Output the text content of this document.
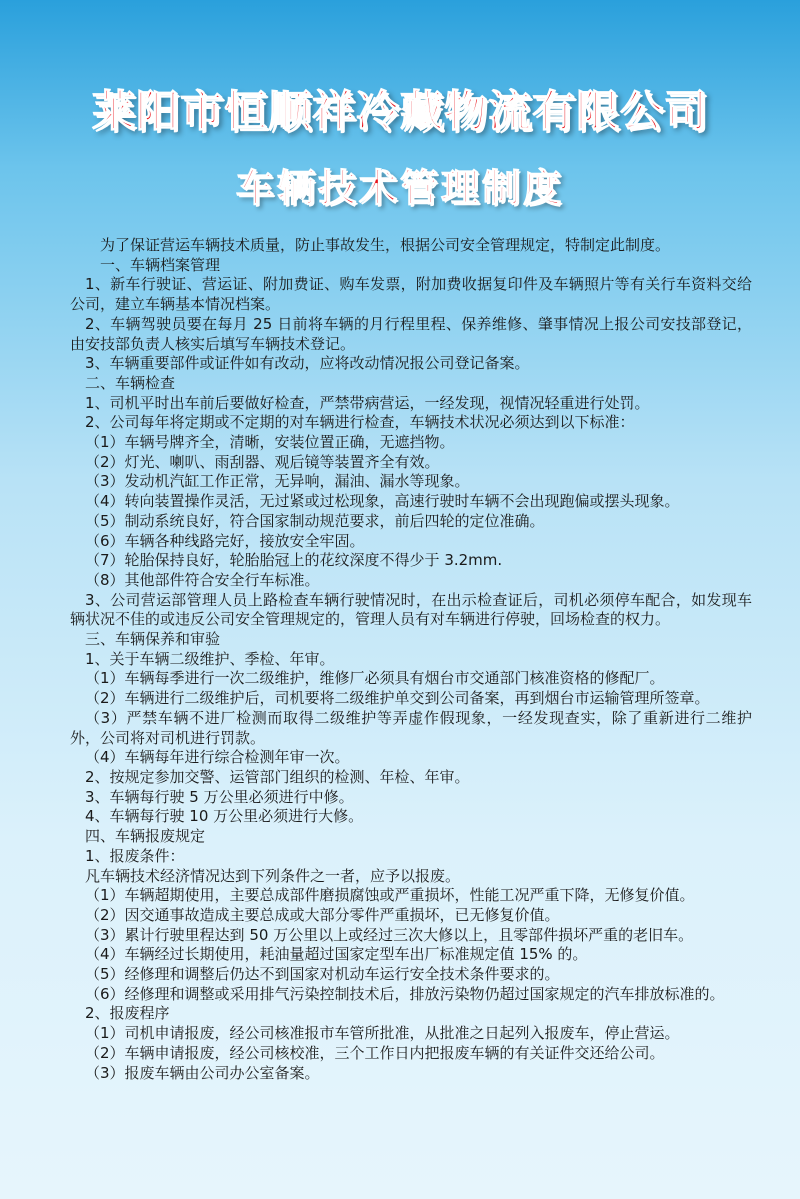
莱阳市恒顺祥冷藏物流有限公司
车辆技术管理制度

为了保证营运车辆技术质量，防止事故发生，根据公司安全管理规定，特制定此制度。

一、车辆档案管理

1、新车行驶证、营运证、附加费证、购车发票，附加费收据复印件及车辆照片等有关行车资料交给公司，建立车辆基本情况档案。

2、车辆驾驶员要在每月 25 日前将车辆的月行程里程、保养维修、肇事情况上报公司安技部登记，由安技部负责人核实后填写车辆技术登记。

3、车辆重要部件或证件如有改动，应将改动情况报公司登记备案。

二、车辆检查

1、司机平时出车前后要做好检查，严禁带病营运，一经发现，视情况轻重进行处罚。

2、公司每年将定期或不定期的对车辆进行检查，车辆技术状况必须达到以下标准：

（1）车辆号牌齐全，清晰，安装位置正确，无遮挡物。

（2）灯光、喇叭、雨刮器、观后镜等装置齐全有效。

（3）发动机汽缸工作正常，无异响，漏油、漏水等现象。

（4）转向装置操作灵活，无过紧或过松现象，高速行驶时车辆不会出现跑偏或摆头现象。

（5）制动系统良好，符合国家制动规范要求，前后四轮的定位准确。

（6）车辆各种线路完好，接放安全牢固。

（7）轮胎保持良好，轮胎胎冠上的花纹深度不得少于 3.2mm.

（8）其他部件符合安全行车标准。

3、公司营运部管理人员上路检查车辆行驶情况时，在出示检查证后，司机必须停车配合，如发现车辆状况不佳的或违反公司安全管理规定的，管理人员有对车辆进行停驶，回场检查的权力。

三、车辆保养和审验

1、关于车辆二级维护、季检、年审。

（1）车辆每季进行一次二级维护，维修厂必须具有烟台市交通部门核准资格的修配厂。

（2）车辆进行二级维护后，司机要将二级维护单交到公司备案，再到烟台市运输管理所签章。

（3）严禁车辆不进厂检测而取得二级维护等弄虚作假现象，一经发现查实，除了重新进行二维护外，公司将对司机进行罚款。

（4）车辆每年进行综合检测年审一次。

2、按规定参加交警、运管部门组织的检测、年检、年审。

3、车辆每行驶 5 万公里必须进行中修。

4、车辆每行驶 10 万公里必须进行大修。

四、车辆报废规定

1、报废条件：

凡车辆技术经济情况达到下列条件之一者，应予以报废。

（1）车辆超期使用，主要总成部件磨损腐蚀或严重损坏，性能工况严重下降，无修复价值。

（2）因交通事故造成主要总成或大部分零件严重损坏，已无修复价值。

（3）累计行驶里程达到 50 万公里以上或经过三次大修以上，且零部件损坏严重的老旧车。

（4）车辆经过长期使用，耗油量超过国家定型车出厂标准规定值 15% 的。

（5）经修理和调整后仍达不到国家对机动车运行安全技术条件要求的。

（6）经修理和调整或采用排气污染控制技术后，排放污染物仍超过国家规定的汽车排放标准的。

2、报废程序

（1）司机申请报废，经公司核准报市车管所批准，从批准之日起列入报废车，停止营运。

（2）车辆申请报废，经公司核校准，三个工作日内把报废车辆的有关证件交还给公司。

（3）报废车辆由公司办公室备案。
